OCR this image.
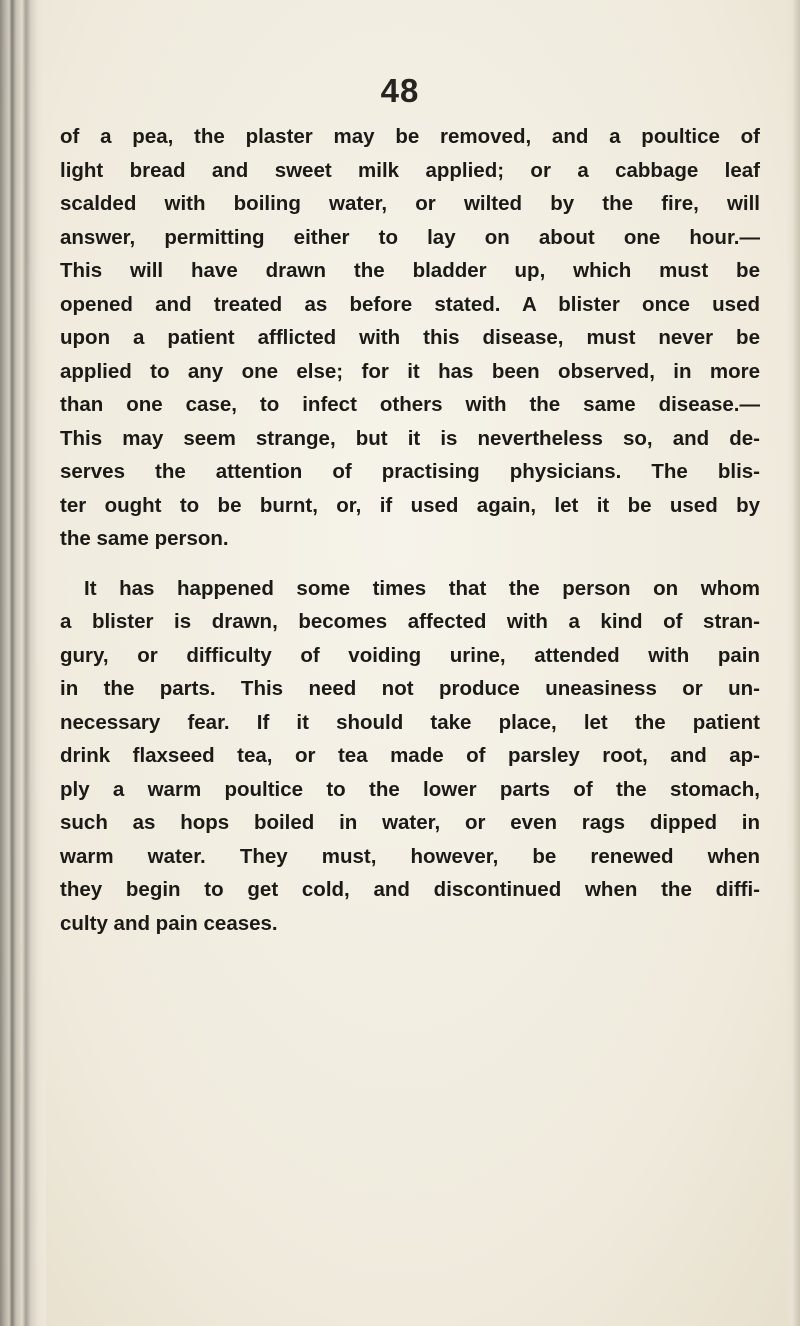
48
of a pea, the plaster may be removed, and a poultice of
light bread and sweet milk applied; or a cabbage leaf
scalded with boiling water, or wilted by the fire, will
answer, permitting either to lay on about one hour.—
This will have drawn the bladder up, which must be
opened and treated as before stated. A blister once used
upon a patient afflicted with this disease, must never be
applied to any one else; for it has been observed, in more
than one case, to infect others with the same disease.—
This may seem strange, but it is nevertheless so, and de-
serves the attention of practising physicians. The blis-
ter ought to be burnt, or, if used again, let it be used by
the same person.
It has happened some times that the person on whom
a blister is drawn, becomes affected with a kind of stran-
gury, or difficulty of voiding urine, attended with pain
in the parts. This need not produce uneasiness or un-
necessary fear. If it should take place, let the patient
drink flaxseed tea, or tea made of parsley root, and ap-
ply a warm poultice to the lower parts of the stomach,
such as hops boiled in water, or even rags dipped in
warm water. They must, however, be renewed when
they begin to get cold, and discontinued when the diffi-
culty and pain ceases.
